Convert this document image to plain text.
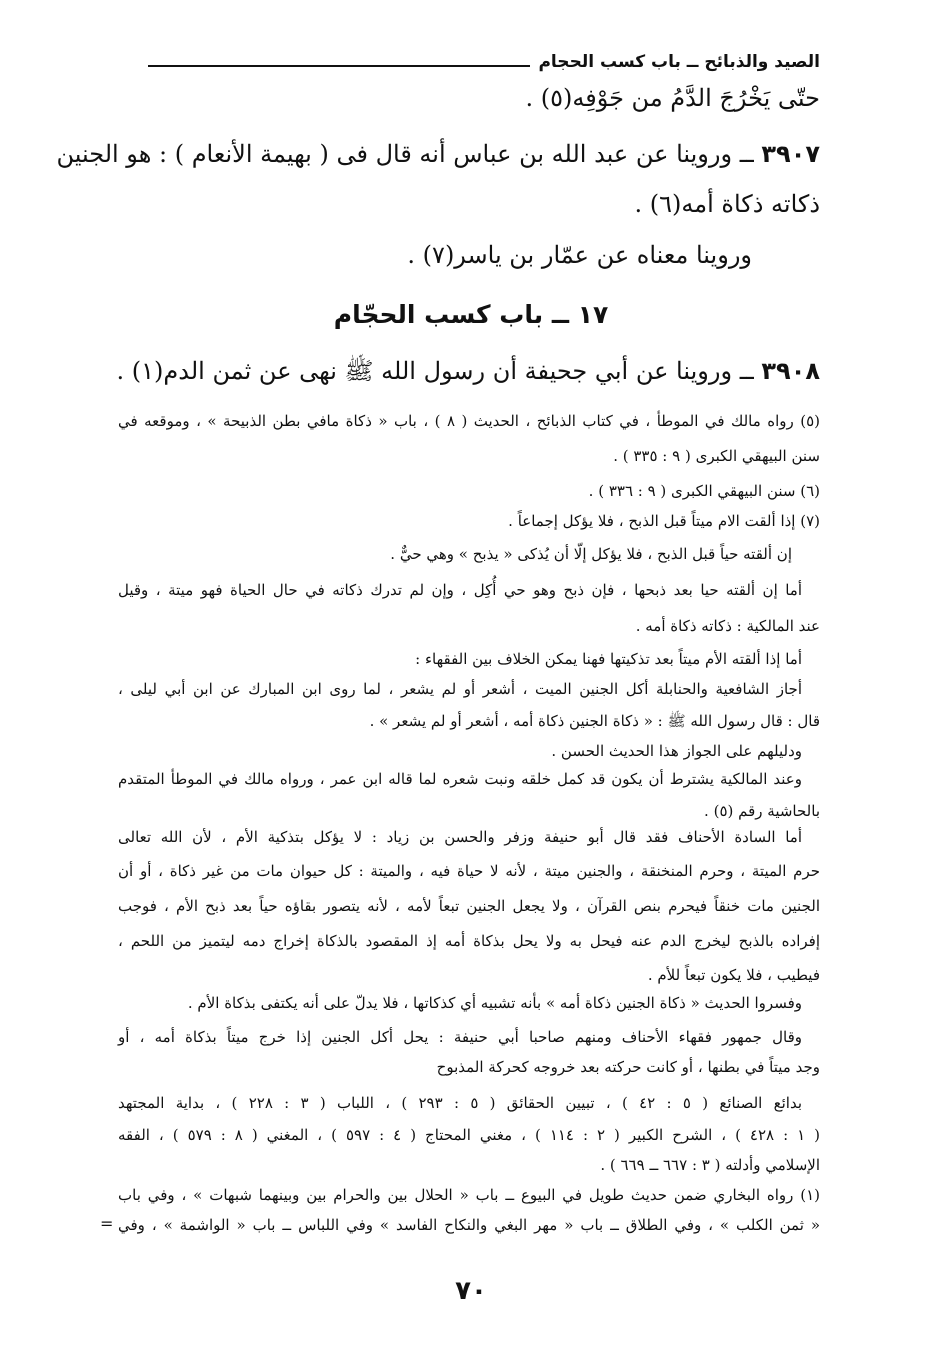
الصيد والذبائح ــ باب كسب الحجام
حتّى يَخْرُجَ الدَّمُ من جَوْفِه(٥) .
٣٩٠٧ ــ وروينا عن عبد الله بن عباس أنه قال فى ( بهيمة الأنعام ) : هو الجنين
ذكاته ذكاة أمه(٦) .
وروينا معناه عن عمّار بن ياسر(٧) .
١٧ ــ باب كسب الحجّام
٣٩٠٨ ــ وروينا عن أبي جحيفة أن رسول الله ﷺ نهى عن ثمن الدم(١) .
(٥) رواه مالك في الموطأ ، في كتاب الذبائح ، الحديث ( ٨ ) ، باب « ذكاة مافي بطن الذبيحة » ، وموقعه في
سنن البيهقي الكبرى ( ٩ : ٣٣٥ ) .
(٦) سنن البيهقي الكبرى ( ٩ : ٣٣٦ ) .
(٧) إذا ألقت الام ميتاً قبل الذبح ، فلا يؤكل إجماعاً .
إن ألقته حياً قبل الذبح ، فلا يؤكل إلّا أن يُذكى « يذبح » وهي حيٌّ .
أما إن ألقته حيا بعد ذبحها ، فإن ذبح وهو حي أُكِل ، وإن لم تدرك ذكاته في حال الحياة فهو ميتة ، وقيل
عند المالكية : ذكاته ذكاة أمه .
أما إذا ألقته الأم ميتاً بعد تذكيتها فهنا يمكن الخلاف بين الفقهاء :
أجاز الشافعية والحنابلة أكل الجنين الميت ، أشعر أو لم يشعر ، لما روى ابن المبارك عن ابن أبي ليلى ،
قال : قال رسول الله ﷺ : « ذكاة الجنين ذكاة أمه ، أشعر أو لم يشعر » .
ودليلهم على الجواز هذا الحديث الحسن .
وعند المالكية يشترط أن يكون قد كمل خلقه ونبت شعره لما قاله ابن عمر ، ورواه مالك في الموطأ المتقدم
بالحاشية رقم (٥) .
أما السادة الأحناف فقد قال أبو حنيفة وزفر والحسن بن زياد : لا يؤكل بتذكية الأم ، لأن الله تعالى
حرم الميتة ، وحرم المنخنقة ، والجنين ميتة ، لأنه لا حياة فيه ، والميتة : كل حيوان مات من غير ذكاة ، أو أن
الجنين مات خنقاً فيحرم بنص القرآن ، ولا يجعل الجنين تبعاً لأمه ، لأنه يتصور بقاؤه حياً بعد ذبح الأم ، فوجب
إفراده بالذبح ليخرج الدم عنه فيحل به ولا يحل بذكاة أمه إذ المقصود بالذكاة إخراج دمه ليتميز من اللحم ،
فيطيب ، فلا يكون تبعاً للأم .
وفسروا الحديث « ذكاة الجنين ذكاة أمه » بأنه تشبيه أي كذكاتها ، فلا يدلّ على أنه يكتفى بذكاة الأم .
وقال جمهور فقهاء الأحناف ومنهم صاحبا أبي حنيفة : يحل أكل الجنين إذا خرج ميتاً بذكاة أمه ، أو
وجد ميتاً في بطنها ، أو كانت حركته بعد خروجه كحركة المذبوح
بدائع الصنائع ( ٥ : ٤٢ ) ، تبيين الحقائق ( ٥ : ٢٩٣ ) ، اللباب ( ٣ : ٢٢٨ ) ، بداية المجتهد
( ١ : ٤٢٨ ) ، الشرح الكبير ( ٢ : ١١٤ ) ، مغني المحتاج ( ٤ : ٥٩٧ ) ، المغني ( ٨ : ٥٧٩ ) ، الفقه
الإسلامي وأدلته ( ٣ : ٦٦٧ ــ ٦٦٩ ) .
(١) رواه البخاري ضمن حديث طويل في البيوع ــ باب « الحلال بين والحرام بين وبينهما شبهات » ، وفي باب
« ثمن الكلب » ، وفي الطلاق ــ باب « مهر البغي والنكاح الفاسد » وفي اللباس ــ باب « الواشمة » ، وفي
=
٧٠
